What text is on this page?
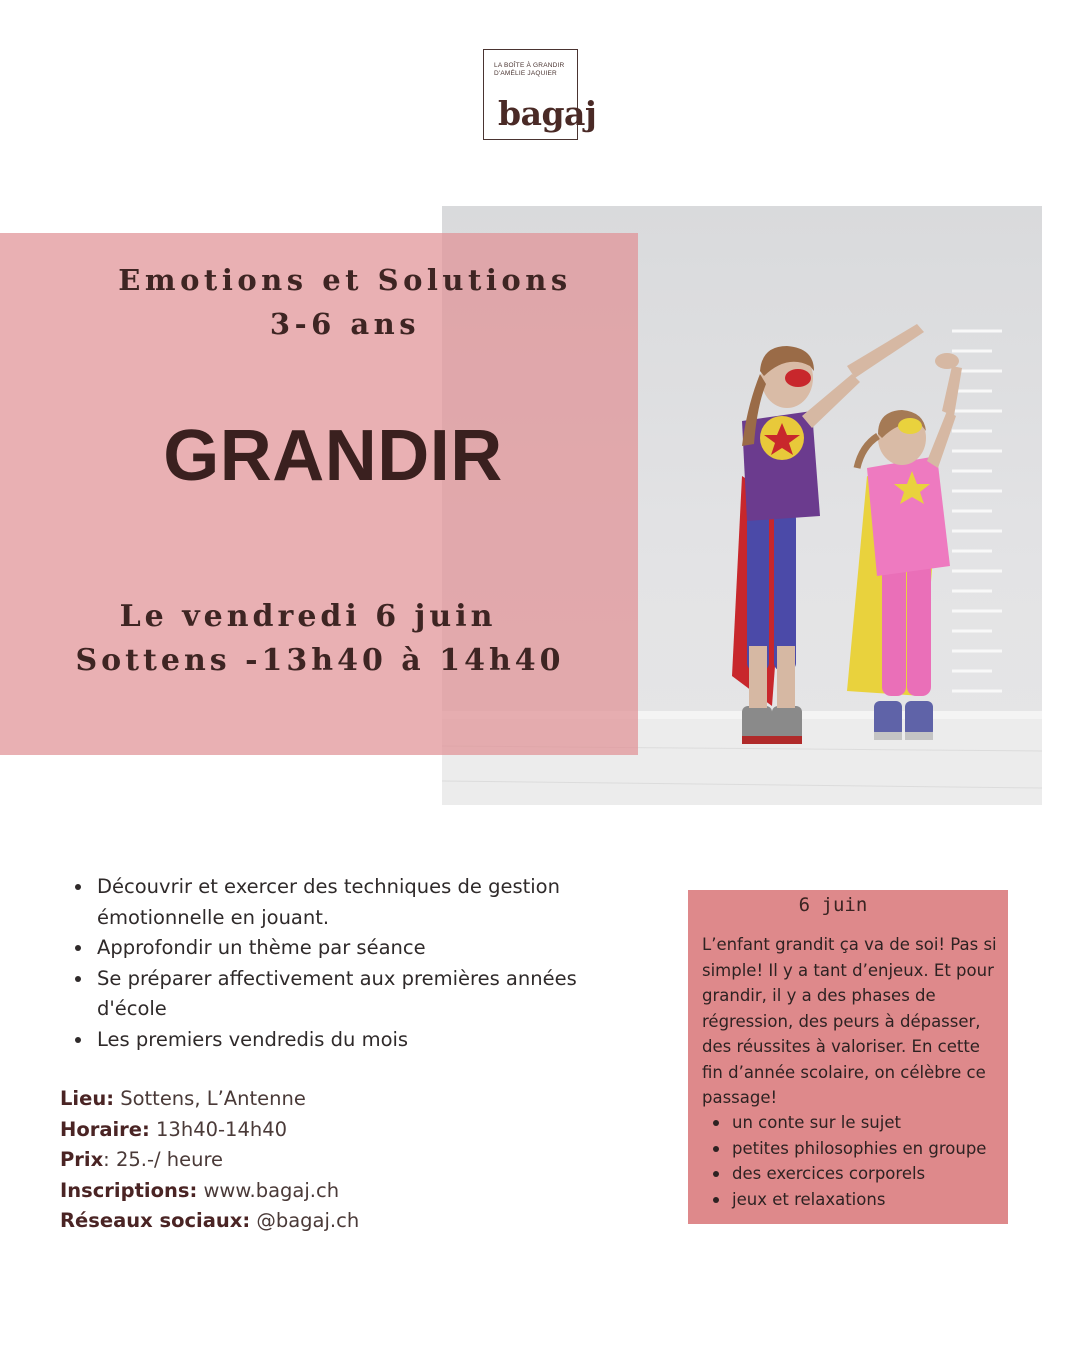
LA BOÎTE À GRANDIR
D'AMÉLIE JAQUIER
bagaj
Emotions et Solutions
3-6 ans
GRANDIR
Le vendredi 6 juin
Sottens -13h40 à 14h40
Découvrir et exercer des techniques de gestion émotionnelle en jouant.
Approfondir un thème par séance
Se préparer affectivement aux premières années d'école
Les premiers vendredis du mois
Lieu: Sottens, L’Antenne
Horaire: 13h40-14h40
Prix: 25.-/ heure
Inscriptions: www.bagaj.ch
Réseaux sociaux: @bagaj.ch
6 juin
L’enfant grandit ça va de soi! Pas si simple! Il y a tant d’enjeux. Et pour grandir, il y a des phases de régression, des peurs à dépasser, des réussites à valoriser. En cette fin d’année scolaire, on célèbre ce passage!
un conte sur le sujet
petites philosophies en groupe
des exercices corporels
jeux et relaxations
